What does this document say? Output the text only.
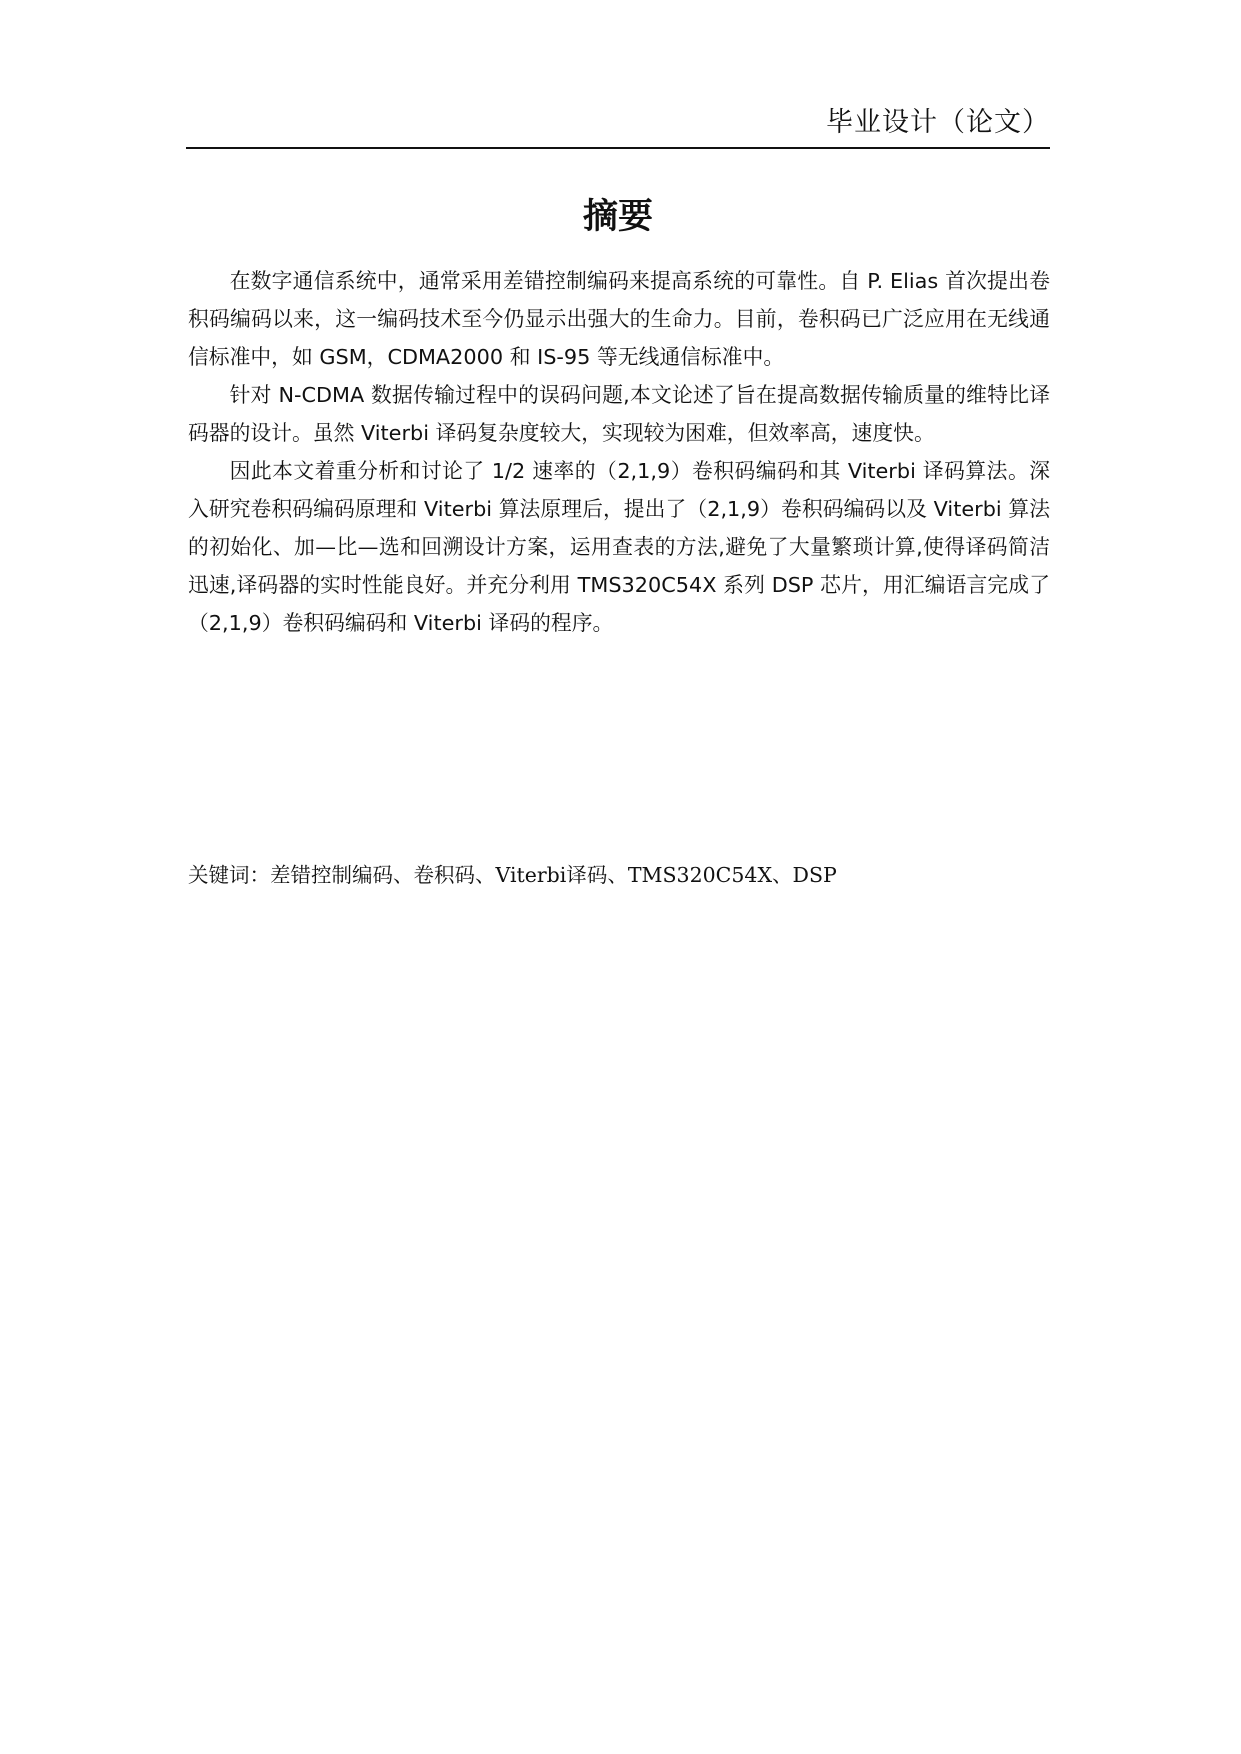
毕业设计（论文）
摘要

在数字通信系统中，通常采用差错控制编码来提高系统的可靠性。自 P. Elias 首次提出卷积码编码以来，这一编码技术至今仍显示出强大的生命力。目前，卷积码已广泛应用在无线通信标准中，如 GSM，CDMA2000 和 IS-95 等无线通信标准中。

针对 N-CDMA 数据传输过程中的误码问题,本文论述了旨在提高数据传输质量的维特比译码器的设计。虽然 Viterbi 译码复杂度较大，实现较为困难，但效率高，速度快。

因此本文着重分析和讨论了 1/2 速率的（2,1,9）卷积码编码和其 Viterbi 译码算法。深入研究卷积码编码原理和 Viterbi 算法原理后，提出了（2,1,9）卷积码编码以及 Viterbi 算法的初始化、加—比—选和回溯设计方案，运用查表的方法,避免了大量繁琐计算,使得译码简洁迅速,译码器的实时性能良好。并充分利用 TMS320C54X 系列 DSP 芯片，用汇编语言完成了（2,1,9）卷积码编码和 Viterbi 译码的程序。

关键词：差错控制编码、卷积码、Viterbi译码、TMS320C54X、DSP
